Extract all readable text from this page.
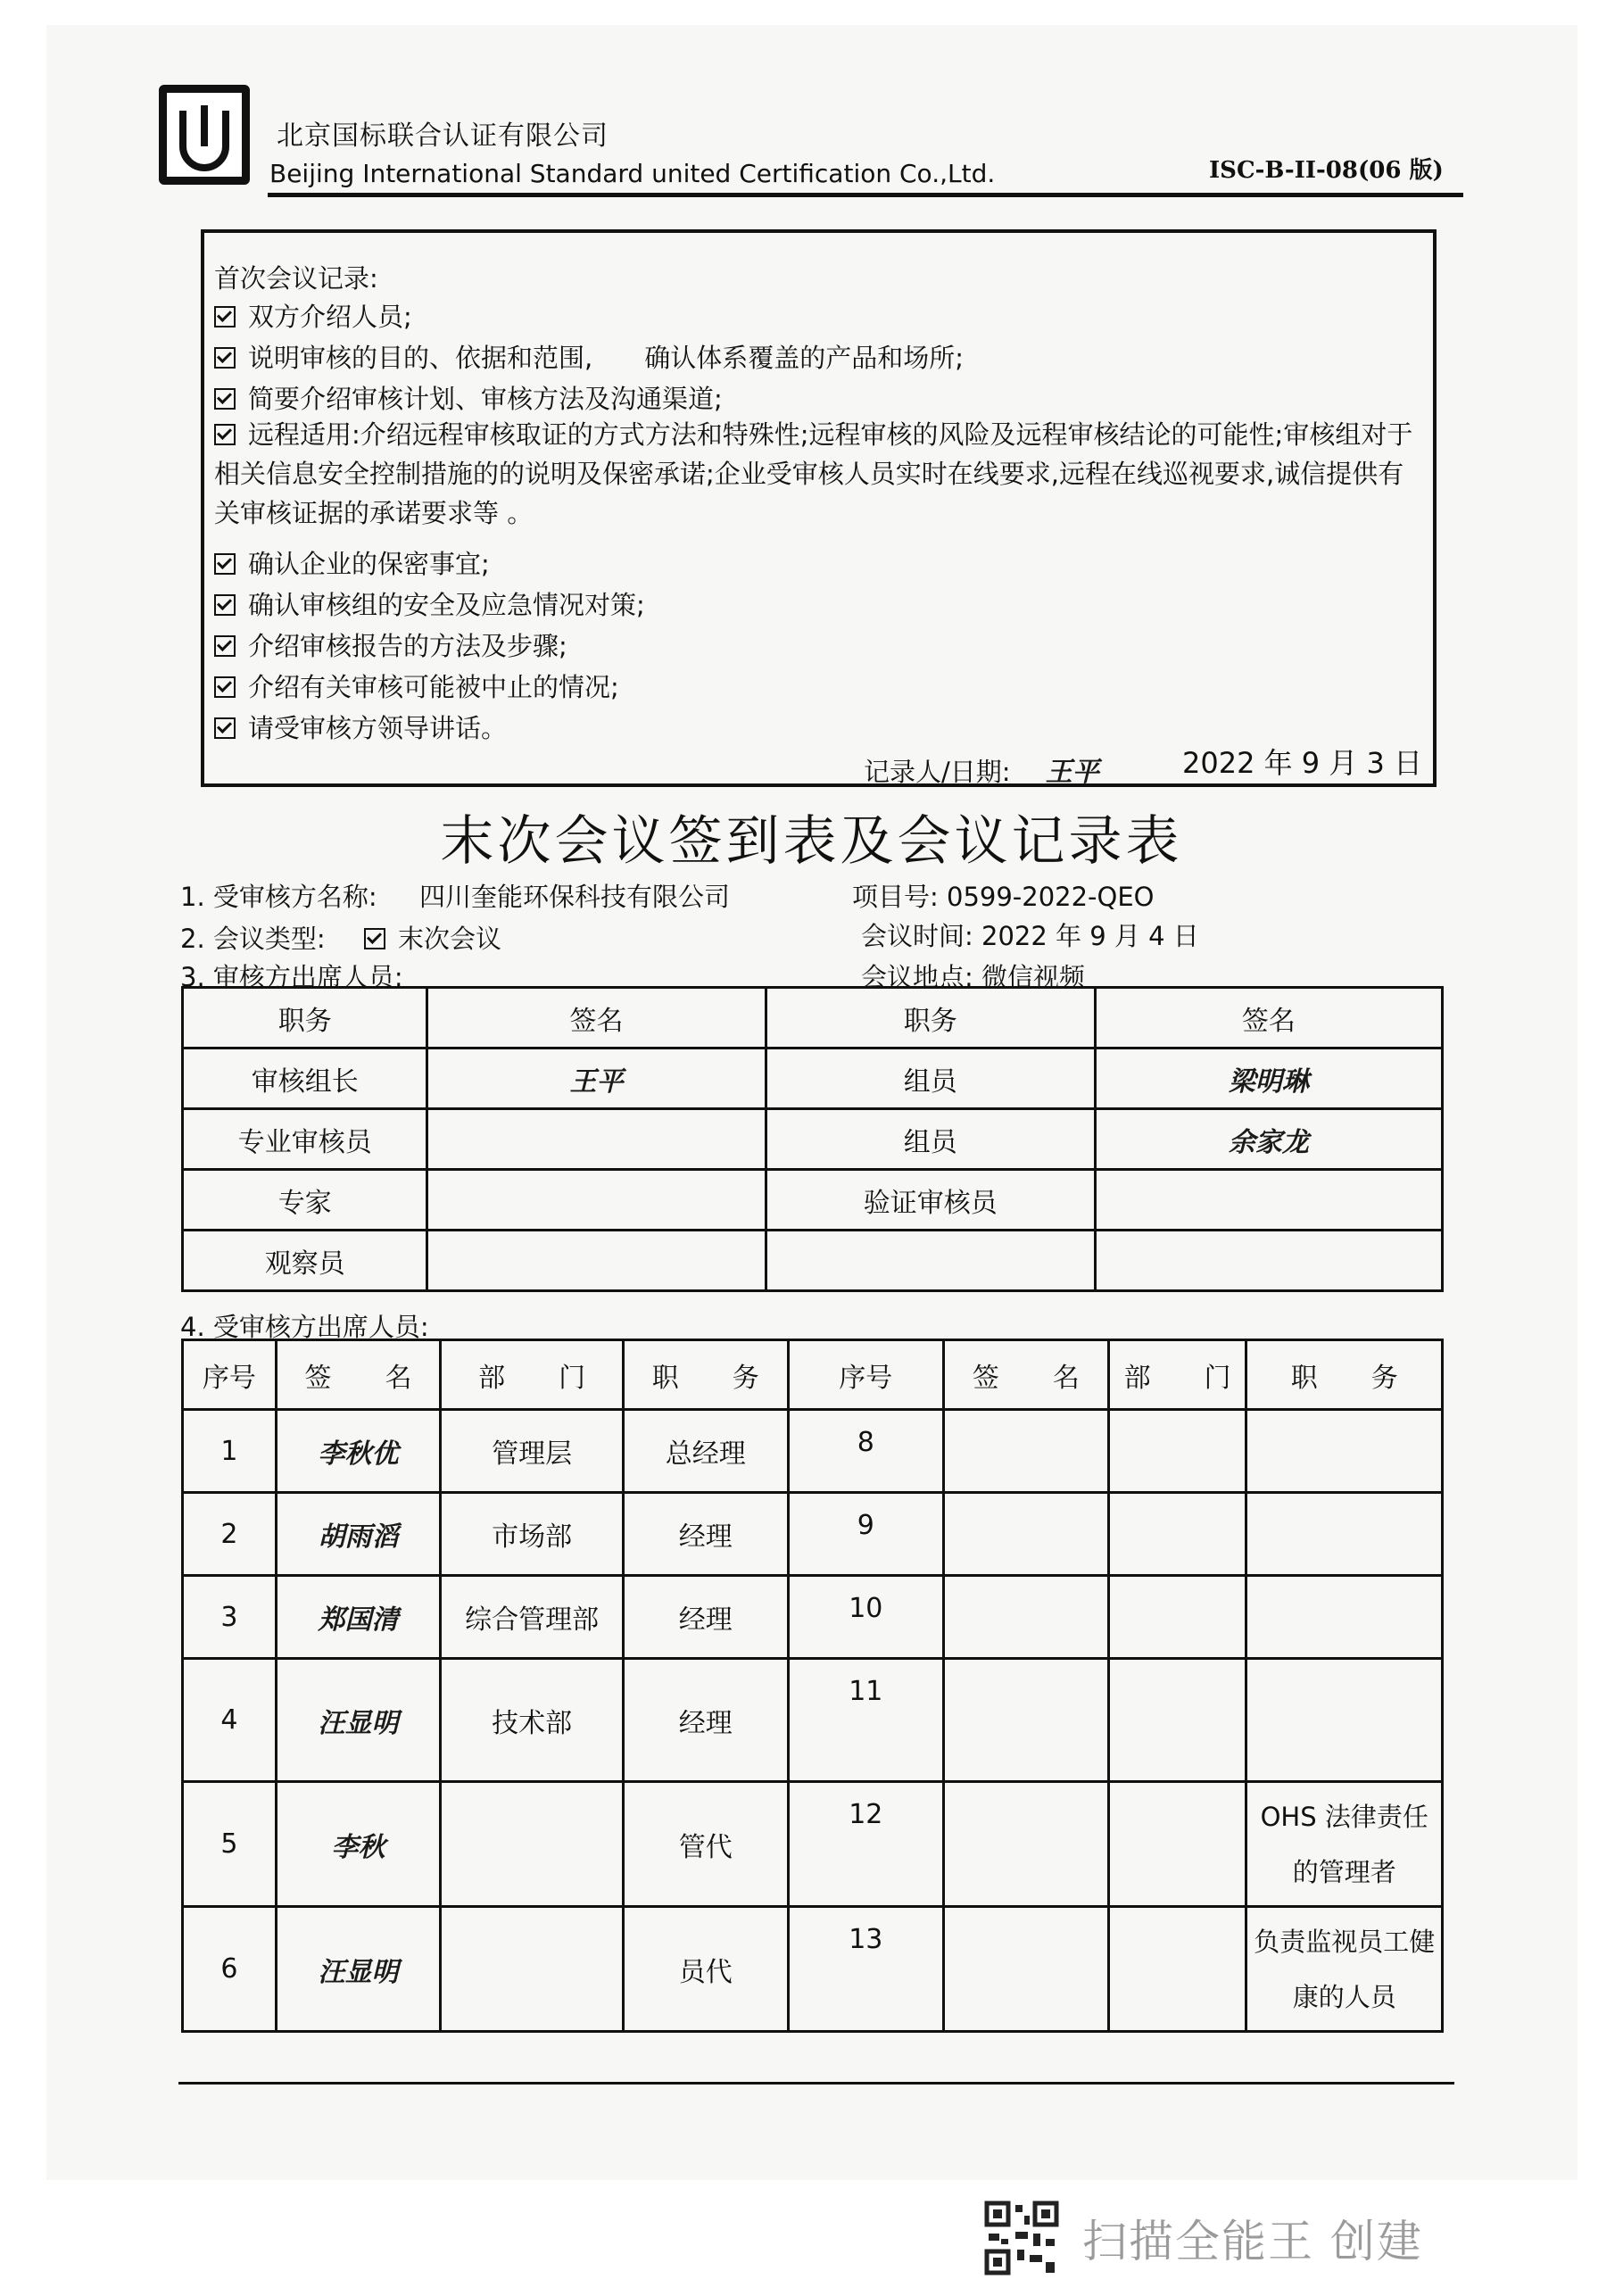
北京国标联合认证有限公司
Beijing International Standard united Certification Co.,Ltd.	ISC-B-II-08(06 版)
首次会议记录:
双方介绍人员;
说明审核的目的、依据和范围,　　确认体系覆盖的产品和场所;
简要介绍审核计划、审核方法及沟通渠道;
远程适用:介绍远程审核取证的方式方法和特殊性;远程审核的风险及远程审核结论的可能性;审核组对于相关信息安全控制措施的的说明及保密承诺;企业受审核人员实时在线要求,远程在线巡视要求,诚信提供有关审核证据的承诺要求等 。
确认企业的保密事宜;
确认审核组的安全及应急情况对策;
介绍审核报告的方法及步骤;
介绍有关审核可能被中止的情况;
请受审核方领导讲话。
记录人/日期: 王平	2022 年 9 月 3 日
末次会议签到表及会议记录表
1. 受审核方名称: 四川奎能环保科技有限公司	项目号: 0599-2022-QEO
2. 会议类型:	末次会议	会议时间: 2022 年 9 月 4 日
3. 审核方出席人员:	会议地点: 微信视频
职务	签名	职务	签名
审核组长	王平	组员	梁明琳
专业审核员		组员	余家龙
专家		验证审核员	
观察员			
4. 受审核方出席人员:
序号	签　　名	部　　门	职　　务	序号	签　　名	部　　门	职　　务
1	李秋优	管理层	总经理	8			
2	胡雨滔	市场部	经理	9			
3	郑国清	综合管理部	经理	10			
4	汪显明	技术部	经理	11			
5	李秋		管代	12			OHS 法律责任的管理者
6	汪显明		员代	13			负责监视员工健康的人员
扫描全能王 创建
